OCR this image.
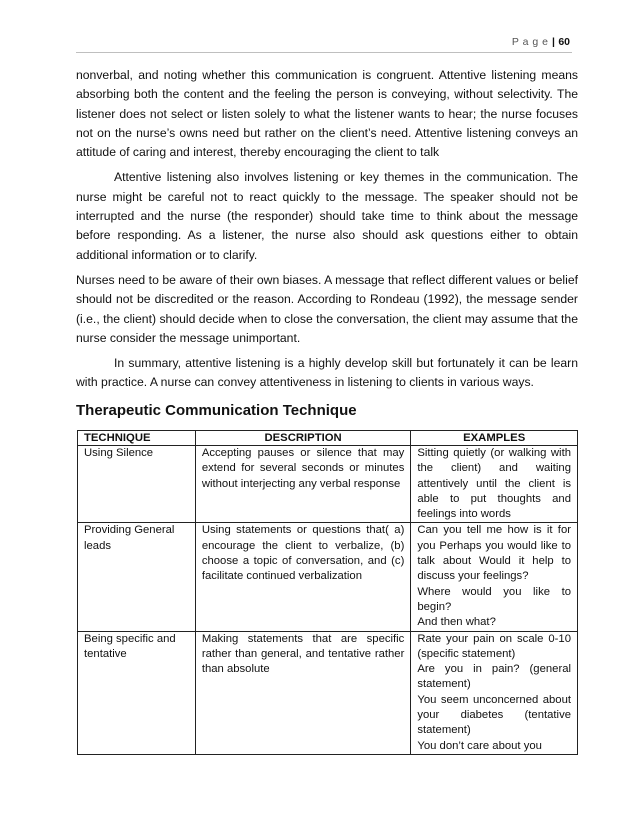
P a g e | 60

nonverbal, and noting whether this communication is congruent. Attentive listening means absorbing both the content and the feeling the person is conveying, without selectivity. The listener does not select or listen solely to what the listener wants to hear; the nurse focuses not on the nurse’s owns need but rather on the client’s need. Attentive listening conveys an attitude of caring and interest, thereby encouraging the client to talk

Attentive listening also involves listening or key themes in the communication. The nurse might be careful not to react quickly to the message. The speaker should not be interrupted and the nurse (the responder) should take time to think about the message before responding. As a listener, the nurse also should ask questions either to obtain additional information or to clarify.

Nurses need to be aware of their own biases. A message that reflect different values or belief should not be discredited or the reason. According to Rondeau (1992), the message sender (i.e., the client) should decide when to close the conversation, the client may assume that the nurse consider the message unimportant.

In summary, attentive listening is a highly develop skill but fortunately it can be learn with practice. A nurse can convey attentiveness in listening to clients in various ways.

Therapeutic Communication Technique
TECHNIQUE	DESCRIPTION	EXAMPLES
Using Silence	Accepting pauses or silence that may extend for several seconds or minutes without interjecting any verbal response	Sitting quietly (or walking with the client) and waiting attentively until the client is able to put thoughts and feelings into words

Providing General leads	Using statements or questions that( a) encourage the client to verbalize, (b) choose a topic of conversation, and (c) facilitate continued verbalization	Can you tell me how is it for you Perhaps you would like to talk about Would it help to discuss your feelings?
Where would you like to begin?
And then what?

Being specific and tentative	Making statements that are specific rather than general, and tentative rather than absolute	Rate your pain on scale 0-10 (specific statement)
Are you in pain? (general statement)
You seem unconcerned about your diabetes (tentative statement)
You don’t care about you
